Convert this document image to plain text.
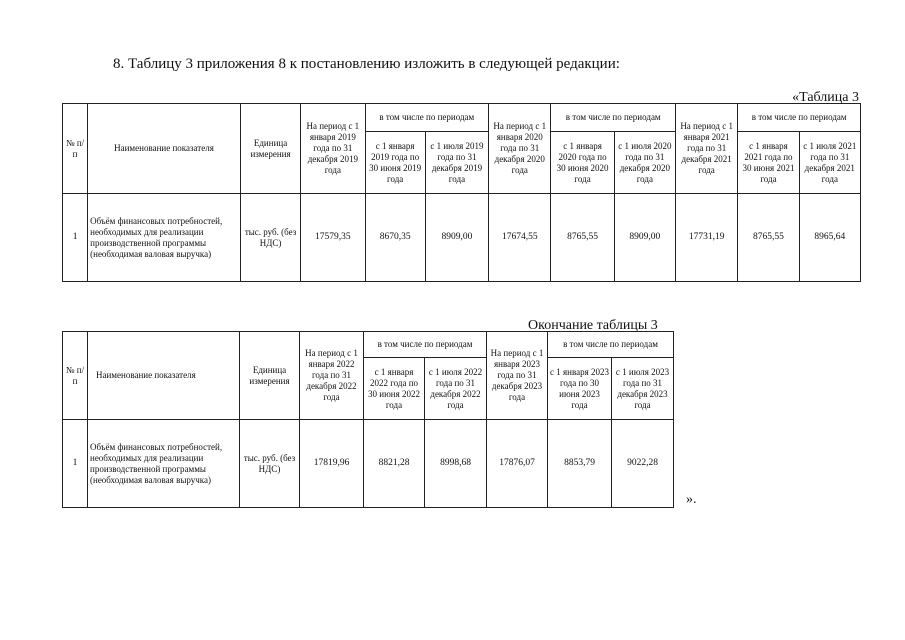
8. Таблицу 3 приложения 8 к постановлению изложить в следующей редакции:
«Таблица 3
№ п/п	Наименование показателя	Единица измерения	На период с 1 января 2019 года по 31 декабря 2019 года	в том числе по периодам		На период с 1 января 2020 года по 31 декабря 2020 года	в том числе по периодам		На период с 1 января 2021 года по 31 декабря 2021 года	в том числе по периодам	
				с 1 января 2019 года по 30 июня 2019 года	с 1 июля 2019 года по 31 декабря 2019 года		с 1 января 2020 года по 30 июня 2020 года	с 1 июля 2020 года по 31 декабря 2020 года		с 1 января 2021 года по 30 июня 2021 года	с 1 июля 2021 года по 31 декабря 2021 года
1	Объём финансовых потребностей, необходимых для реализации производственной программы (необходимая валовая выручка)	тыс. руб. (без НДС)	17579,35	8670,35	8909,00	17674,55	8765,55	8909,00	17731,19	8765,55	8965,64
Окончание таблицы 3
№ п/п	Наименование показателя	Единица измерения	На период с 1 января 2022 года по 31 декабря 2022 года	в том числе по периодам		На период с 1 января 2023 года по 31 декабря 2023 года	в том числе по периодам	
				с 1 января 2022 года по 30 июня 2022 года	с 1 июля 2022 года по 31 декабря 2022 года		с 1 января 2023 года по 30 июня 2023 года	с 1 июля 2023 года по 31 декабря 2023 года
1	Объём финансовых потребностей, необходимых для реализации производственной программы (необходимая валовая выручка)	тыс. руб. (без НДС)	17819,96	8821,28	8998,68	17876,07	8853,79	9022,28
».
